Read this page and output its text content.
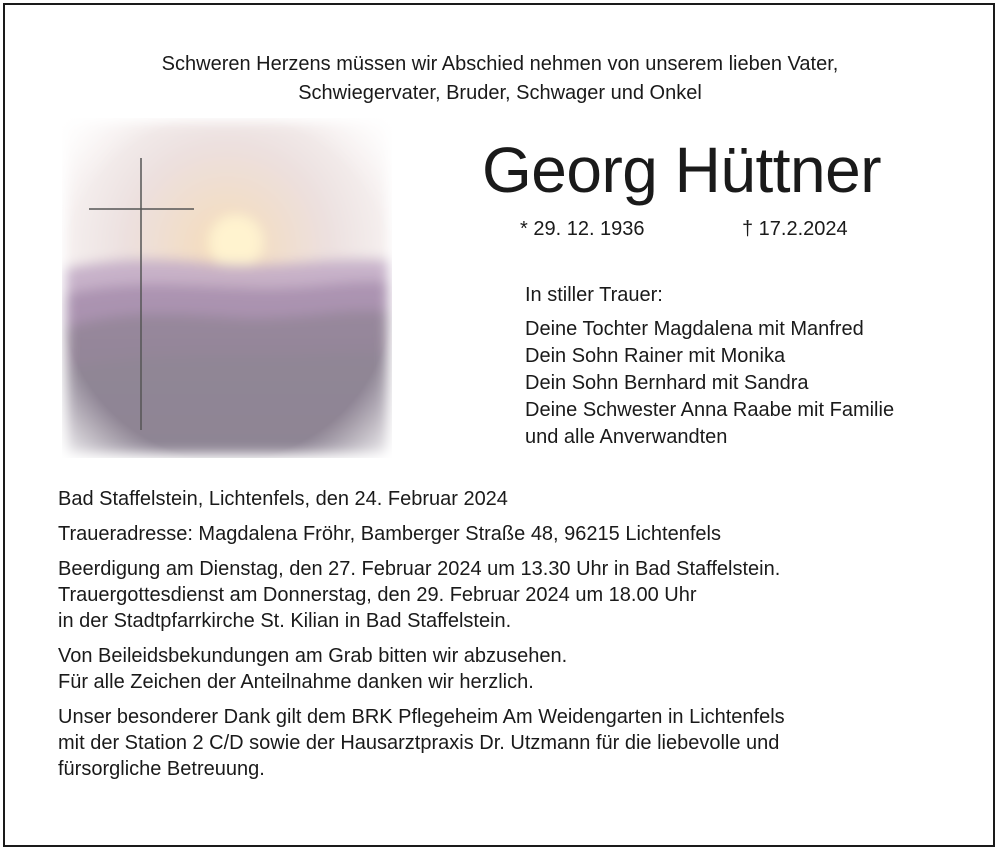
Schweren Herzens müssen wir Abschied nehmen von unserem lieben Vater,
Schwiegervater, Bruder, Schwager und Onkel
Georg Hüttner
* 29. 12. 1936	† 17.2.2024
In stiller Trauer:
Deine Tochter Magdalena mit Manfred
Dein Sohn Rainer mit Monika
Dein Sohn Bernhard mit Sandra
Deine Schwester Anna Raabe mit Familie
und alle Anverwandten
Bad Staffelstein, Lichtenfels, den 24. Februar 2024
Traueradresse: Magdalena Fröhr, Bamberger Straße 48, 96215 Lichtenfels
Beerdigung am Dienstag, den 27. Februar 2024 um 13.30 Uhr in Bad Staffelstein.
Trauergottesdienst am Donnerstag, den 29. Februar 2024 um 18.00 Uhr
in der Stadtpfarrkirche St. Kilian in Bad Staffelstein.
Von Beileidsbekundungen am Grab bitten wir abzusehen.
Für alle Zeichen der Anteilnahme danken wir herzlich.
Unser besonderer Dank gilt dem BRK Pflegeheim Am Weidengarten in Lichtenfels
mit der Station 2 C/D sowie der Hausarztpraxis Dr. Utzmann für die liebevolle und
fürsorgliche Betreuung.
